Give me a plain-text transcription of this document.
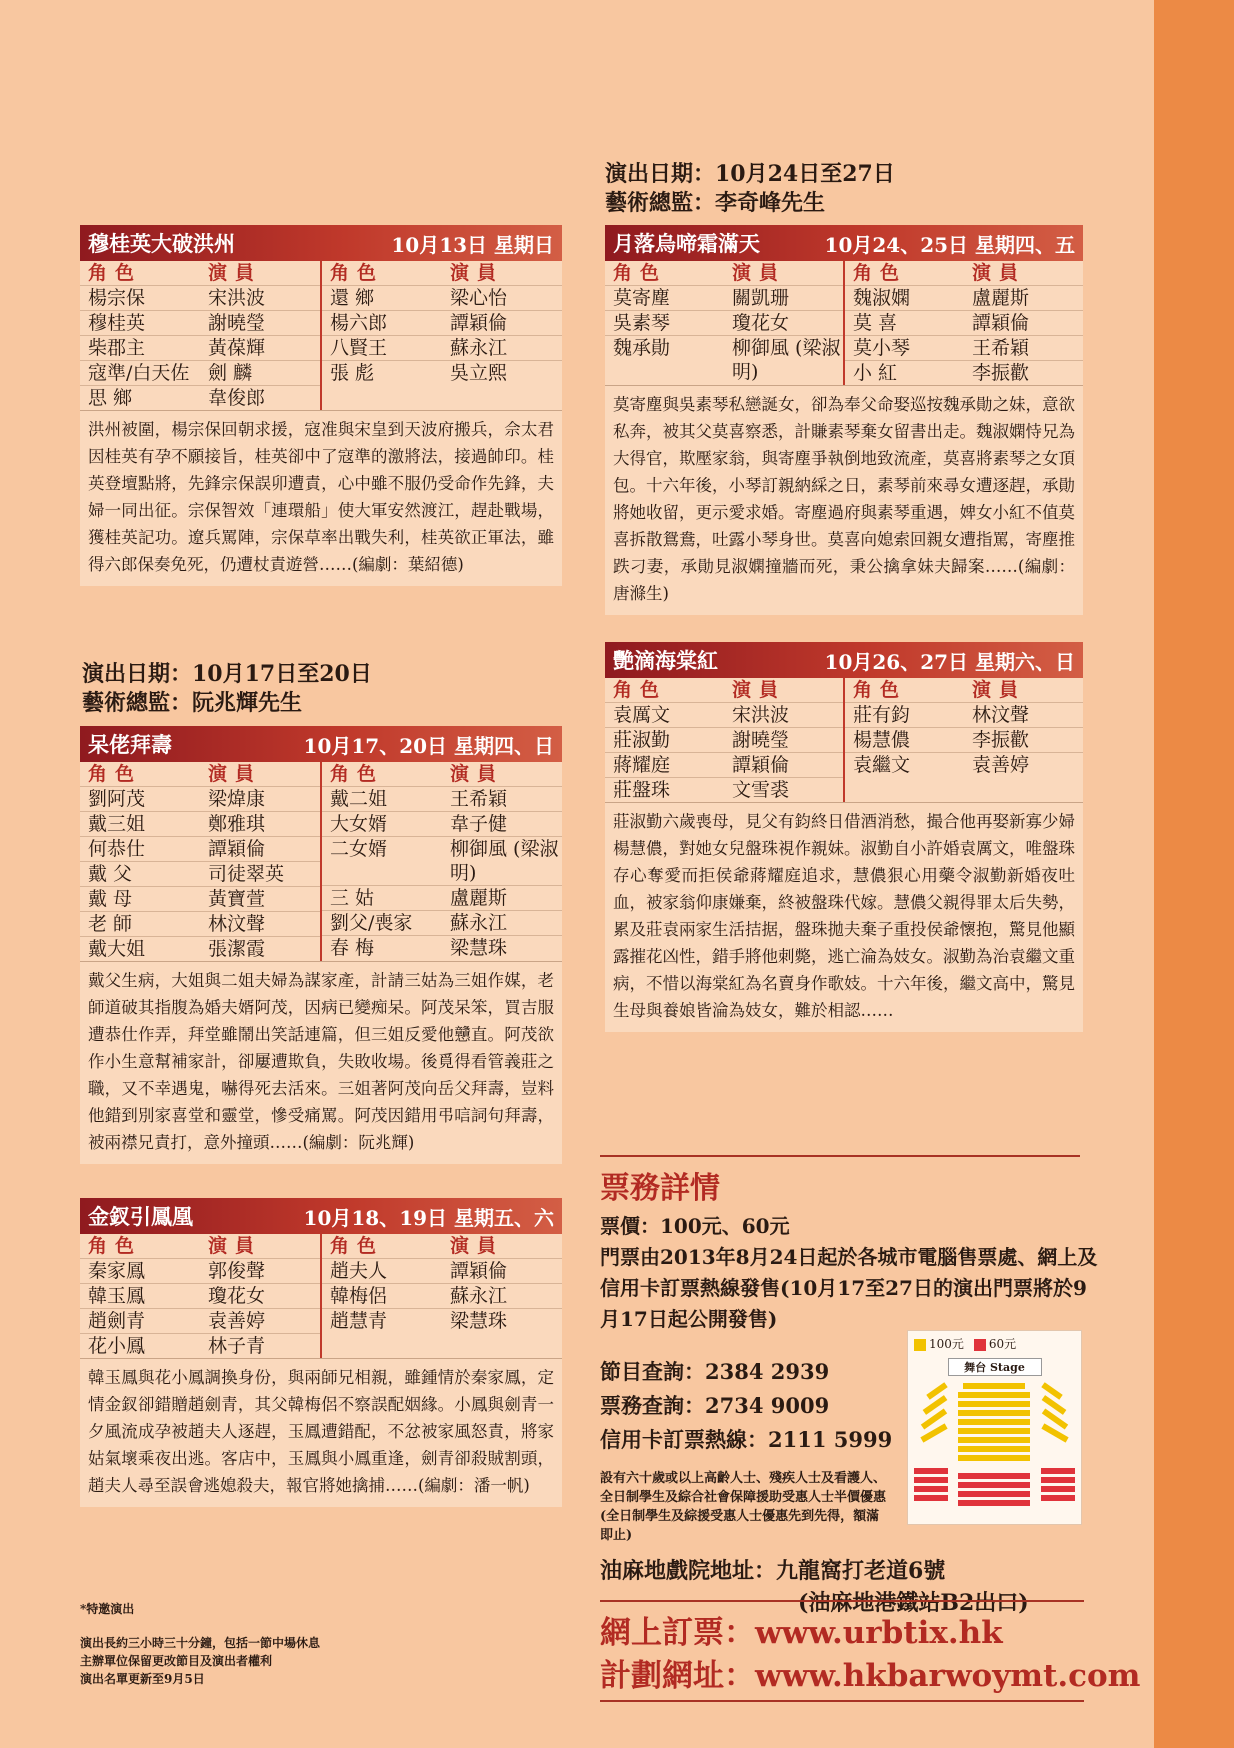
演出日期：10月24日至27日
藝術總監：李奇峰先生
演出日期：10月17日至20日
藝術總監：阮兆輝先生
穆桂英大破洪州	10月13日 星期日
角色	演員
楊宗保	宋洪波
穆桂英	謝曉瑩
柴郡主	黃葆輝
寇準/白天佐 劍 麟
思 鄉	韋俊郎
角色	演員
還 鄉	梁心怡
楊六郎	譚穎倫
八賢王	蘇永江
張 彪	吳立熙
洪州被圍，楊宗保回朝求援，寇准與宋皇到天波府搬兵，佘太君因桂英有孕不願接旨，桂英卻中了寇準的激將法，接過帥印。桂英登壇點將，先鋒宗保誤卯遭責，心中雖不服仍受命作先鋒，夫婦一同出征。宗保智效「連環船」使大軍安然渡江，趕赴戰場，獲桂英記功。遼兵罵陣，宗保草率出戰失利，桂英欲正軍法，雖得六郎保奏免死，仍遭杖責遊營……(編劇：葉紹德)
呆佬拜壽	10月17、20日 星期四、日
角色	演員
劉阿茂	梁煒康
戴三姐	鄭雅琪
何恭仕	譚穎倫
戴 父	司徒翠英
戴 母	黃寶萱
老 師	林汶聲
戴大姐	張潔霞
角色	演員
戴二姐	王希穎
大女婿	韋子健
二女婿	柳御風 (梁淑明)
三 姑	盧麗斯
劉父/喪家	蘇永江
春 梅	梁慧珠
戴父生病，大姐與二姐夫婦為謀家產，計請三姑為三姐作媒，老師道破其指腹為婚夫婿阿茂，因病已變痴呆。阿茂呆笨，買吉服遭恭仕作弄，拜堂雖鬧出笑話連篇，但三姐反愛他戇直。阿茂欲作小生意幫補家計，卻屢遭欺負，失敗收場。後覓得看管義莊之職，又不幸遇鬼，嚇得死去活來。三姐著阿茂向岳父拜壽，豈料他錯到別家喜堂和靈堂，慘受痛罵。阿茂因錯用弔唁詞句拜壽，被兩襟兄責打，意外撞頭……(編劇：阮兆輝)
金釵引鳳凰	10月18、19日 星期五、六
角色	演員
秦家鳳	郭俊聲
韓玉鳳	瓊花女
趙劍青	袁善婷
花小鳳	林子青
角色	演員
趙夫人	譚穎倫
韓梅侶	蘇永江
趙慧青	梁慧珠
韓玉鳳與花小鳳調換身份，與兩師兄相親，雖鍾情於秦家鳳，定情金釵卻錯贈趙劍青，其父韓梅侶不察誤配姻緣。小鳳與劍青一夕風流成孕被趙夫人逐趕，玉鳳遭錯配，不忿被家風怒責，將家姑氣壞乘夜出逃。客店中，玉鳳與小鳳重逢，劍青卻殺賊割頭，趙夫人尋至誤會逃媳殺夫，報官將她擒捕……(編劇：潘一帆)
月落烏啼霜滿天	10月24、25日 星期四、五
角色	演員
莫寄塵	關凱珊
吳素琴	瓊花女
魏承勛	柳御風 (梁淑明)
角色	演員
魏淑嫻	盧麗斯
莫 喜	譚穎倫
莫小琴	王希穎
小 紅	李振歡
莫寄塵與吳素琴私戀誕女，卻為奉父命娶巡按魏承勛之妹，意欲私奔，被其父莫喜察悉，計賺素琴棄女留書出走。魏淑嫻恃兄為大得官，欺壓家翁，與寄塵爭執倒地致流產，莫喜將素琴之女頂包。十六年後，小琴訂親納綵之日，素琴前來尋女遭逐趕，承勛將她收留，更示愛求婚。寄塵過府與素琴重遇，婢女小紅不值莫喜拆散鴛鴦，吐露小琴身世。莫喜向媳索回親女遭指罵，寄塵推跌刁妻，承勛見淑嫻撞牆而死，秉公擒拿妹夫歸案……(編劇：唐滌生)
艷滴海棠紅	10月26、27日 星期六、日
角色	演員
袁厲文	宋洪波
莊淑勤	謝曉瑩
蔣耀庭	譚穎倫
莊盤珠	文雪裘
角色	演員
莊有鈞	林汶聲
楊慧儂	李振歡
袁繼文	袁善婷
莊淑勤六歲喪母，見父有鈞終日借酒消愁，撮合他再娶新寡少婦楊慧儂，對她女兒盤珠視作親妹。淑勤自小許婚袁厲文，唯盤珠存心奪愛而拒侯爺蔣耀庭追求，慧儂狠心用藥令淑勤新婚夜吐血，被家翁仰康嫌棄，終被盤珠代嫁。慧儂父親得罪太后失勢，累及莊袁兩家生活拮据，盤珠拋夫棄子重投侯爺懷抱，驚見他顯露摧花凶性，錯手將他刺斃，逃亡淪為妓女。淑勤為治袁繼文重病，不惜以海棠紅為名賣身作歌妓。十六年後，繼文高中，驚見生母與養娘皆淪為妓女，難於相認……
票務詳情
票價：100元、60元
門票由2013年8月24日起於各城市電腦售票處、網上及信用卡訂票熱線發售(10月17至27日的演出門票將於9月17日起公開發售)
節目查詢：2384 2939
票務查詢：2734 9009
信用卡訂票熱線：2111 5999
設有六十歲或以上高齡人士、殘疾人士及看護人、全日制學生及綜合社會保障援助受惠人士半價優惠(全日制學生及綜援受惠人士優惠先到先得，額滿即止)
100元	60元
舞台 Stage
油麻地戲院地址：九龍窩打老道6號
(油麻地港鐵站B2出口)
網上訂票：www.urbtix.hk
計劃網址：www.hkbarwoymt.com
*特邀演出
演出長約三小時三十分鐘，包括一節中場休息
主辦單位保留更改節目及演出者權利
演出名單更新至9月5日
